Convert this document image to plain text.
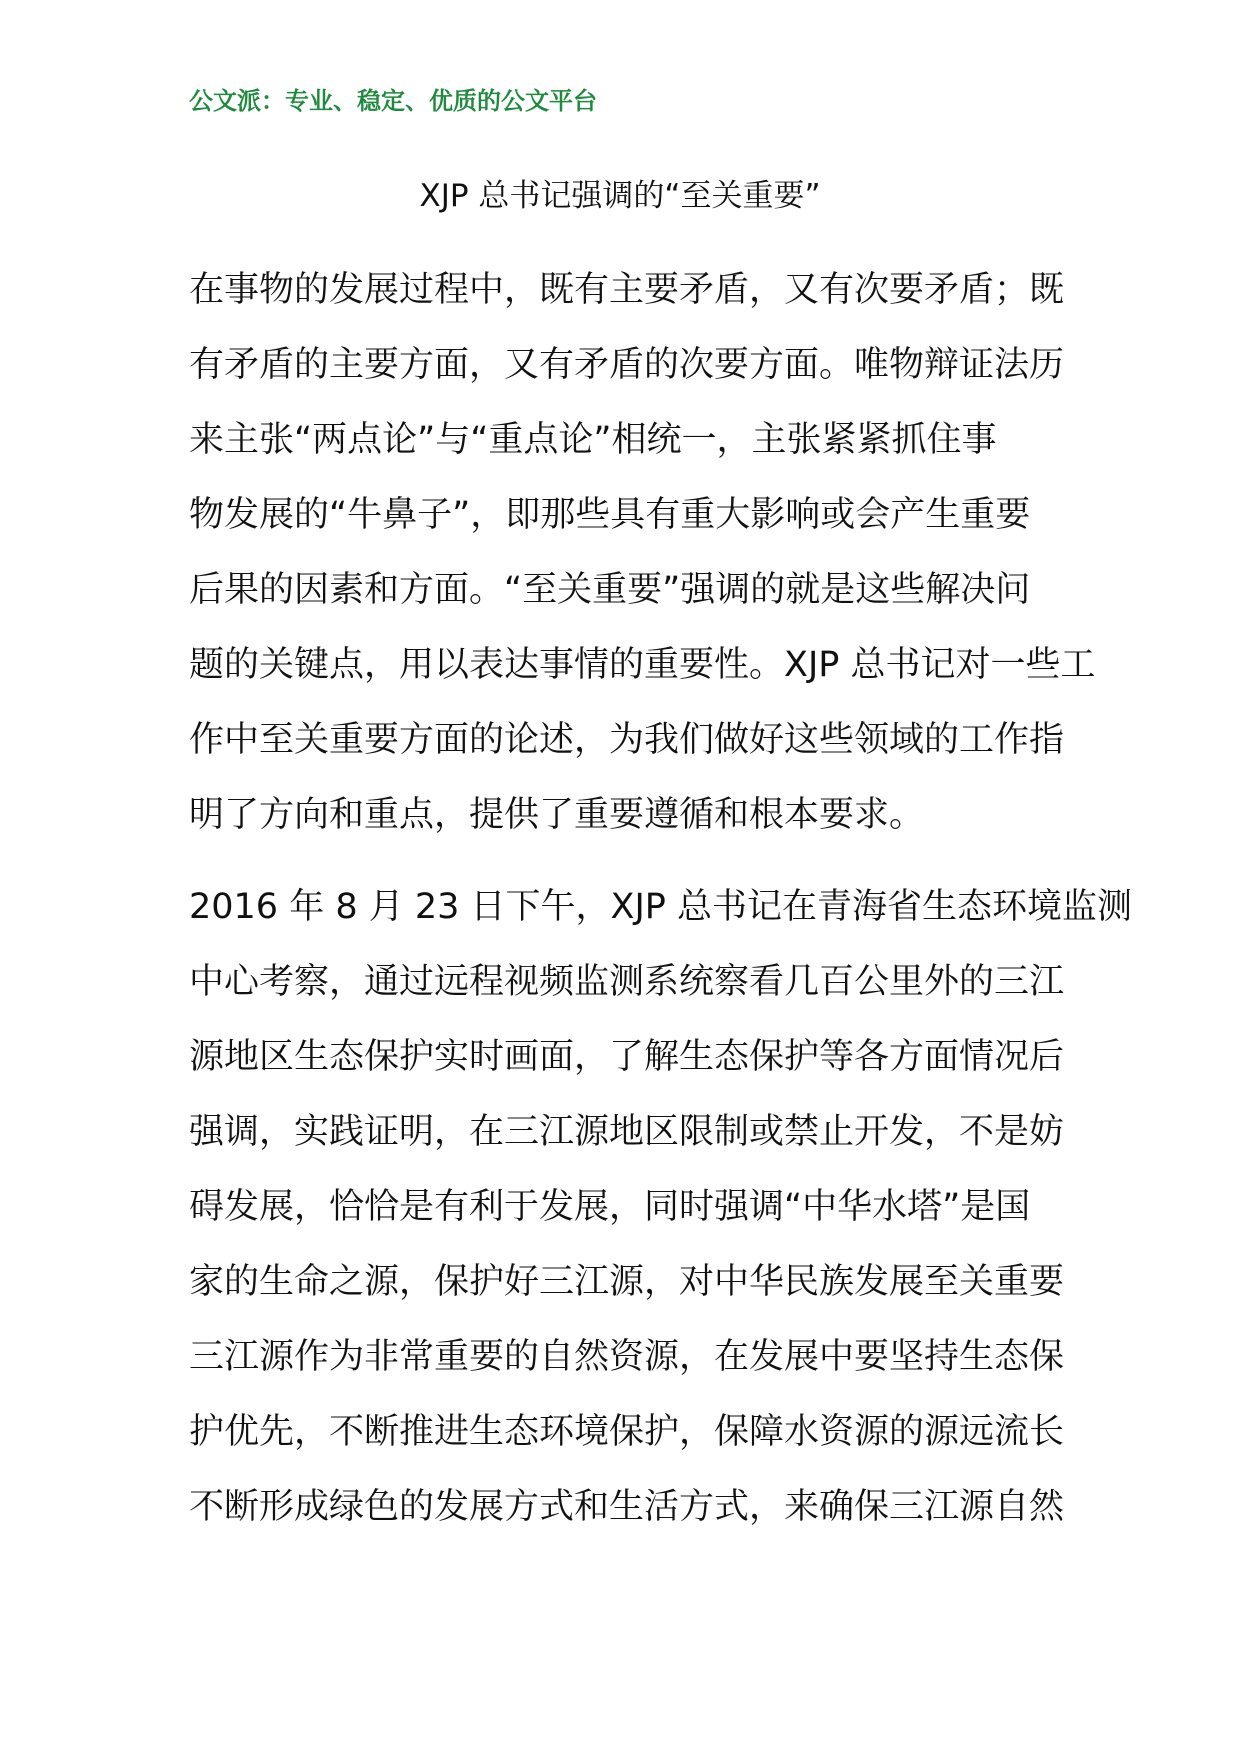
公文派：专业、稳定、优质的公文平台
XJP 总书记强调的“至关重要”
在事物的发展过程中，既有主要矛盾，又有次要矛盾；既
有矛盾的主要方面，又有矛盾的次要方面。唯物辩证法历
来主张“两点论”与“重点论”相统一，主张紧紧抓住事
物发展的“牛鼻子”，即那些具有重大影响或会产生重要
后果的因素和方面。“至关重要”强调的就是这些解决问
题的关键点，用以表达事情的重要性。XJP 总书记对一些工
作中至关重要方面的论述，为我们做好这些领域的工作指
明了方向和重点，提供了重要遵循和根本要求。
2016 年 8 月 23 日下午，XJP 总书记在青海省生态环境监测
中心考察，通过远程视频监测系统察看几百公里外的三江
源地区生态保护实时画面，了解生态保护等各方面情况后
强调，实践证明，在三江源地区限制或禁止开发，不是妨
碍发展，恰恰是有利于发展，同时强调“中华水塔”是国
家的生命之源，保护好三江源，对中华民族发展至关重要
三江源作为非常重要的自然资源，在发展中要坚持生态保
护优先，不断推进生态环境保护，保障水资源的源远流长
不断形成绿色的发展方式和生活方式，来确保三江源自然
